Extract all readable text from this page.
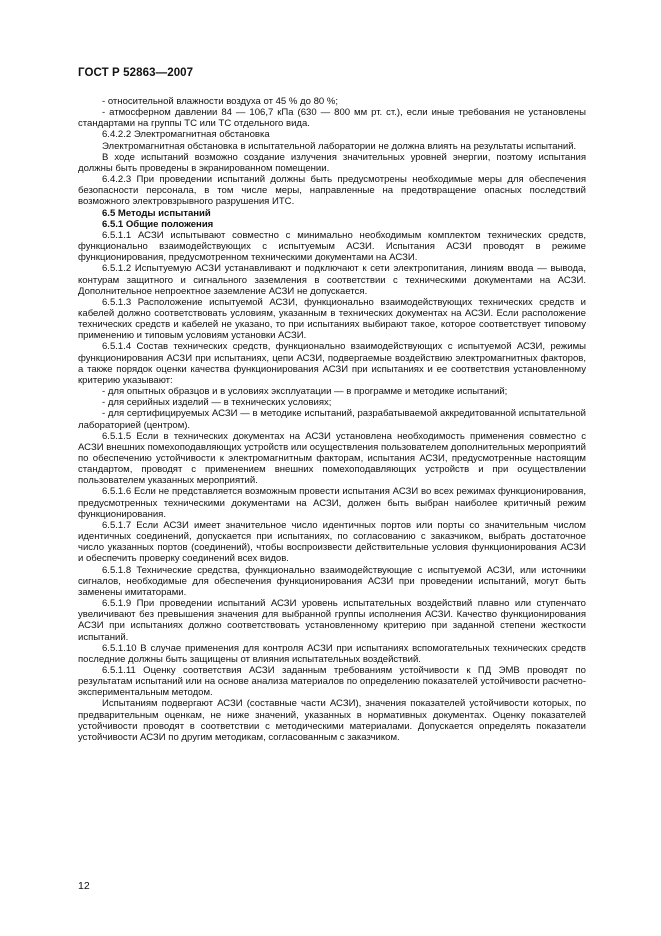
ГОСТ Р 52863—2007

- относительной влажности воздуха от 45 % до 80 %;

- атмосферном давлении 84 — 106,7 кПа (630 — 800 мм рт. ст.), если иные требования не установлены стандартами на группы ТС или ТС отдельного вида.

6.4.2.2 Электромагнитная обстановка

Электромагнитная обстановка в испытательной лаборатории не должна влиять на результаты испытаний.

В ходе испытаний возможно создание излучения значительных уровней энергии, поэтому испытания должны быть проведены в экранированном помещении.

6.4.2.3 При проведении испытаний должны быть предусмотрены необходимые меры для обеспечения безопасности персонала, в том числе меры, направленные на предотвращение опасных последствий возможного электровзрывного разрушения ИТС.

6.5 Методы испытаний

6.5.1 Общие положения

6.5.1.1 АСЗИ испытывают совместно с минимально необходимым комплектом технических средств, функционально взаимодействующих с испытуемым АСЗИ. Испытания АСЗИ проводят в режиме функционирования, предусмотренном техническими документами на АСЗИ.

6.5.1.2 Испытуемую АСЗИ устанавливают и подключают к сети электропитания, линиям ввода — вывода, контурам защитного и сигнального заземления в соответствии с техническими документами на АСЗИ. Дополнительное непроектное заземление АСЗИ не допускается.

6.5.1.3 Расположение испытуемой АСЗИ, функционально взаимодействующих технических средств и кабелей должно соответствовать условиям, указанным в технических документах на АСЗИ. Если расположение технических средств и кабелей не указано, то при испытаниях выбирают такое, которое соответствует типовому применению и типовым условиям установки АСЗИ.

6.5.1.4 Состав технических средств, функционально взаимодействующих с испытуемой АСЗИ, режимы функционирования АСЗИ при испытаниях, цепи АСЗИ, подвергаемые воздействию электромагнитных факторов, а также порядок оценки качества функционирования АСЗИ при испытаниях и ее соответствия установленному критерию указывают:

- для опытных образцов и в условиях эксплуатации — в программе и методике испытаний;

- для серийных изделий — в технических условиях;

- для сертифицируемых АСЗИ — в методике испытаний, разрабатываемой аккредитованной испытательной лабораторией (центром).

6.5.1.5 Если в технических документах на АСЗИ установлена необходимость применения совместно с АСЗИ внешних помехоподавляющих устройств или осуществления пользователем дополнительных мероприятий по обеспечению устойчивости к электромагнитным факторам, испытания АСЗИ, предусмотренные настоящим стандартом, проводят с применением внешних помехоподавляющих устройств и при осуществлении пользователем указанных мероприятий.

6.5.1.6 Если не представляется возможным провести испытания АСЗИ во всех режимах функционирования, предусмотренных техническими документами на АСЗИ, должен быть выбран наиболее критичный режим функционирования.

6.5.1.7 Если АСЗИ имеет значительное число идентичных портов или порты со значительным числом идентичных соединений, допускается при испытаниях, по согласованию с заказчиком, выбрать достаточное число указанных портов (соединений), чтобы воспроизвести действительные условия функционирования АСЗИ и обеспечить проверку соединений всех видов.

6.5.1.8 Технические средства, функционально взаимодействующие с испытуемой АСЗИ, или источники сигналов, необходимые для обеспечения функционирования АСЗИ при проведении испытаний, могут быть заменены имитаторами.

6.5.1.9 При проведении испытаний АСЗИ уровень испытательных воздействий плавно или ступенчато увеличивают без превышения значения для выбранной группы исполнения АСЗИ. Качество функционирования АСЗИ при испытаниях должно соответствовать установленному критерию при заданной степени жесткости испытаний.

6.5.1.10 В случае применения для контроля АСЗИ при испытаниях вспомогательных технических средств последние должны быть защищены от влияния испытательных воздействий.

6.5.1.11 Оценку соответствия АСЗИ заданным требованиям устойчивости к ПД ЭМВ проводят по результатам испытаний или на основе анализа материалов по определению показателей устойчивости расчетно-экспериментальным методом.

Испытаниям подвергают АСЗИ (составные части АСЗИ), значения показателей устойчивости которых, по предварительным оценкам, не ниже значений, указанных в нормативных документах. Оценку показателей устойчивости проводят в соответствии с методическими материалами. Допускается определять показатели устойчивости АСЗИ по другим методикам, согласованным с заказчиком.

12
